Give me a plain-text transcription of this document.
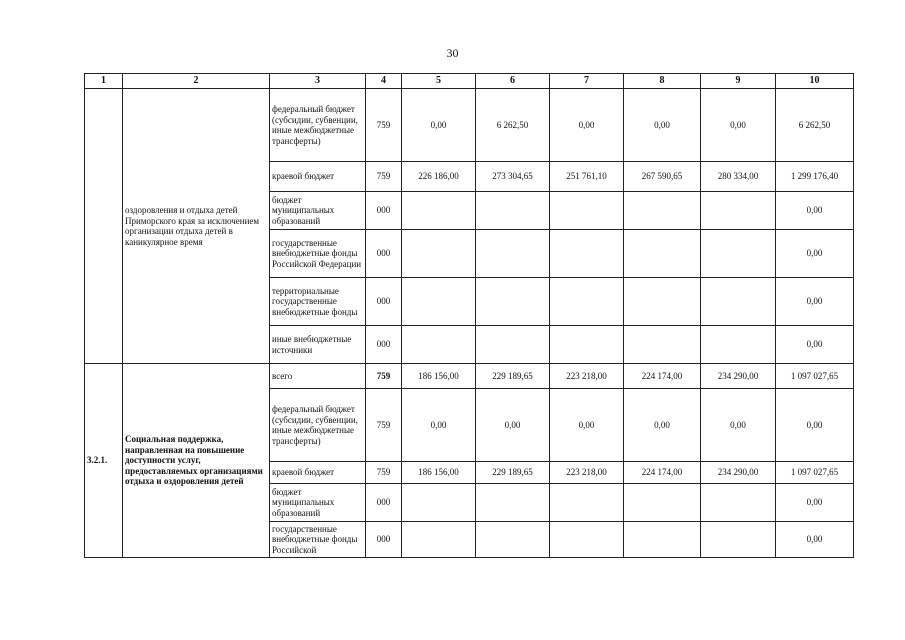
30
1	2	3	4	5	6	7	8	9	10
	оздоровления и отдыха детей Приморского края за исключением организации отдыха детей в каникулярное время	федеральный бюджет (субсидии, субвенции, иные межбюджетные трансферты)	759	0,00	6 262,50	0,00	0,00	0,00	6 262,50
		краевой бюджет	759	226 186,00	273 304,65	251 761,10	267 590,65	280 334,00	1 299 176,40
		бюджет муниципальных образований	000						0,00
		государственные внебюджетные фонды Российской Федерации	000						0,00
		территориальные государственные внебюджетные фонды	000						0,00
		иные внебюджетные источники	000						0,00
3.2.1.	Социальная поддержка, направленная на повышение доступности услуг, предоставляемых организациями отдыха и оздоровления детей	всего	759	186 156,00	229 189,65	223 218,00	224 174,00	234 290,00	1 097 027,65
		федеральный бюджет (субсидии, субвенции, иные межбюджетные трансферты)	759	0,00	0,00	0,00	0,00	0,00	0,00
		краевой бюджет	759	186 156,00	229 189,65	223 218,00	224 174,00	234 290,00	1 097 027,65
		бюджет муниципальных образований	000						0,00
		государственные внебюджетные фонды Российской	000						0,00
